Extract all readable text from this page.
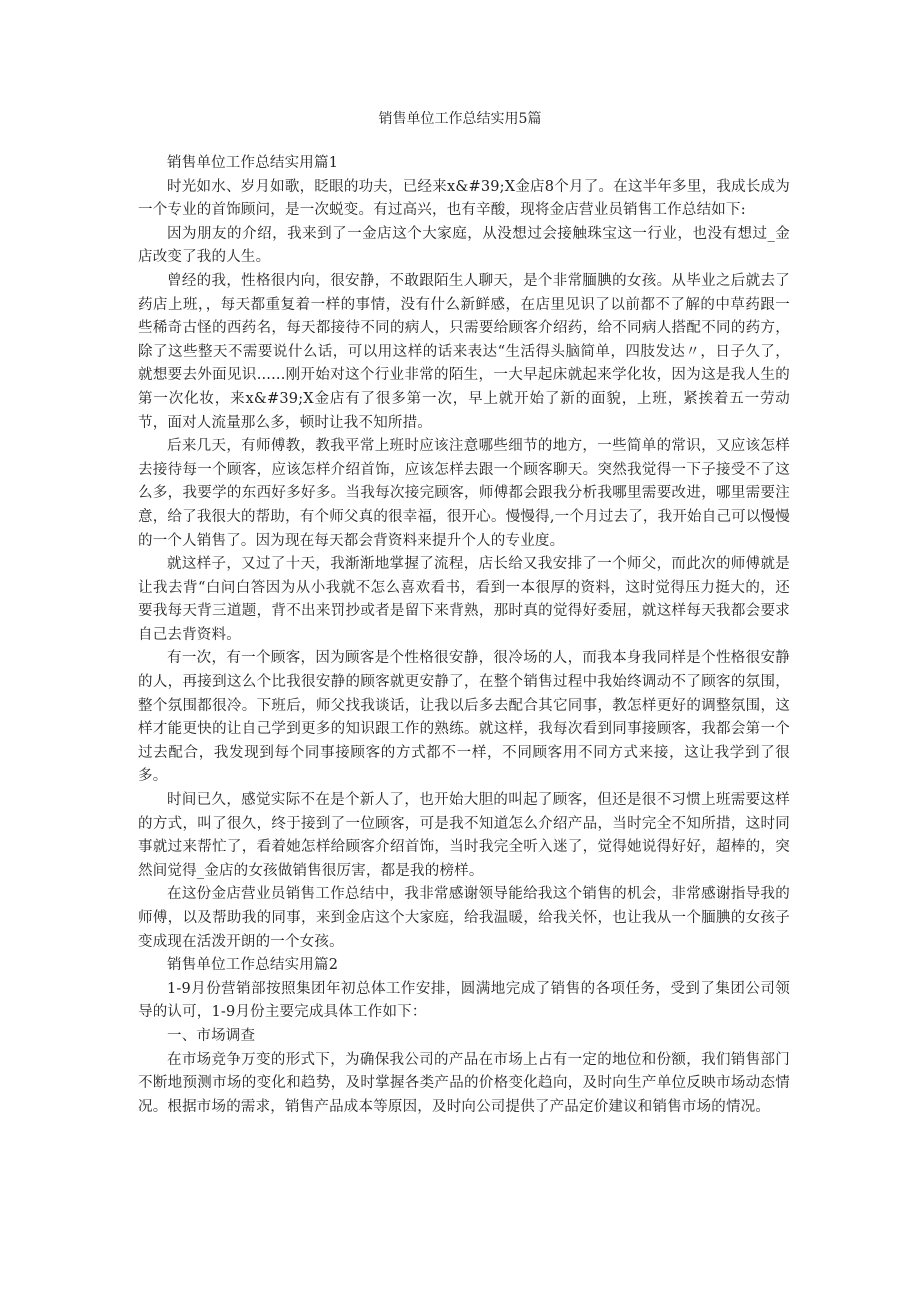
销售单位工作总结实用5篇

销售单位工作总结实用篇1

时光如水、岁月如歌，眨眼的功夫，已经来x&#39;X金店8个月了。在这半年多里，我成长成为一个专业的首饰顾问，是一次蜕变。有过高兴，也有辛酸，现将金店营业员销售工作总结如下:

因为朋友的介绍，我来到了一金店这个大家庭，从没想过会接触珠宝这一行业，也没有想过_金店改变了我的人生。

曾经的我，性格很内向，很安静，不敢跟陌生人聊天，是个非常腼腆的女孩。从毕业之后就去了药店上班，，每天都重复着一样的事情，没有什么新鲜感，在店里见识了以前都不了解的中草药跟一些稀奇古怪的西药名，每天都接待不同的病人，只需要给顾客介绍药，给不同病人搭配不同的药方，除了这些整天不需要说什么话，可以用这样的话来表达“生活得头脑简单，四肢发达〃，日子久了，就想要去外面见识......刚开始对这个行业非常的陌生，一大早起床就起来学化妆，因为这是我人生的第一次化妆，来x&#39;X金店有了很多第一次，早上就开始了新的面貌，上班，紧挨着五一劳动节，面对人流量那么多，顿时让我不知所措。

后来几天，有师傅教，教我平常上班时应该注意哪些细节的地方，一些简单的常识，又应该怎样去接待每一个顾客，应该怎样介绍首饰，应该怎样去跟一个顾客聊天。突然我觉得一下子接受不了这么多，我要学的东西好多好多。当我每次接完顾客，师傅都会跟我分析我哪里需要改进，哪里需要注意，给了我很大的帮助，有个师父真的很幸福，很开心。慢慢得,一个月过去了，我开始自己可以慢慢的一个人销售了。因为现在每天都会背资料来提升个人的专业度。

就这样子，又过了十天，我渐渐地掌握了流程，店长给又我安排了一个师父，而此次的师傅就是让我去背“白问白答因为从小我就不怎么喜欢看书，看到一本很厚的资料，这时觉得压力挺大的，还要我每天背三道题，背不出来罚抄或者是留下来背熟，那时真的觉得好委屈，就这样每天我都会要求自己去背资料。

有一次，有一个顾客，因为顾客是个性格很安静，很冷场的人，而我本身我同样是个性格很安静的人，再接到这么个比我很安静的顾客就更安静了，在整个销售过程中我始终调动不了顾客的氛围，整个氛围都很冷。下班后，师父找我谈话，让我以后多去配合其它同事，教怎样更好的调整氛围，这样才能更快的让自己学到更多的知识跟工作的熟练。就这样，我每次看到同事接顾客，我都会第一个过去配合，我发现到每个同事接顾客的方式都不一样，不同顾客用不同方式来接，这让我学到了很多。

时间已久，感觉实际不在是个新人了，也开始大胆的叫起了顾客，但还是很不习惯上班需要这样的方式，叫了很久，终于接到了一位顾客，可是我不知道怎么介绍产品，当时完全不知所措，这时同事就过来帮忙了，看着她怎样给顾客介绍首饰，当时我完全听入迷了，觉得她说得好好，超棒的，突然间觉得_金店的女孩做销售很厉害，都是我的榜样。

在这份金店营业员销售工作总结中，我非常感谢领导能给我这个销售的机会，非常感谢指导我的师傅，以及帮助我的同事，来到金店这个大家庭，给我温暖，给我关怀，也让我从一个腼腆的女孩子变成现在活泼开朗的一个女孩。

销售单位工作总结实用篇2

1-9月份营销部按照集团年初总体工作安排，圆满地完成了销售的各项任务，受到了集团公司领导的认可，1-9月份主要完成具体工作如下：

一、市场调查

在市场竞争万变的形式下，为确保我公司的产品在市场上占有一定的地位和份额，我们销售部门不断地预测市场的变化和趋势，及时掌握各类产品的价格变化趋向，及时向生产单位反映市场动态情况。根据市场的需求，销售产品成本等原因，及时向公司提供了产品定价建议和销售市场的情况。
